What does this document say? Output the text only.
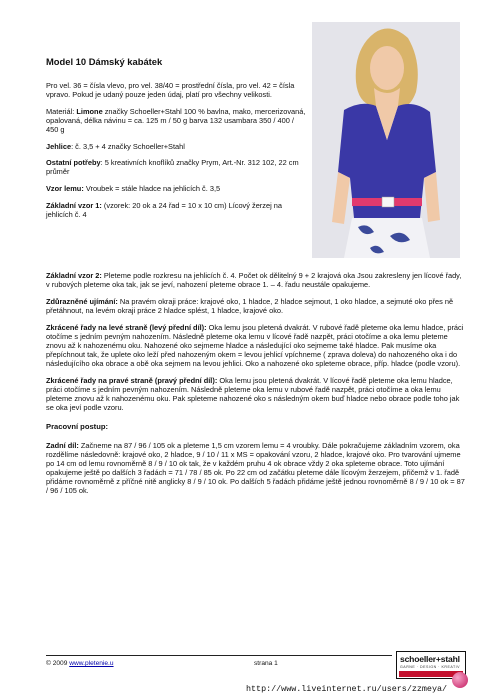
Model 10 Dámský kabátek

Pro vel. 36 = čísla vlevo, pro vel. 38/40 = prostřední čísla, pro vel. 42 = čísla vpravo. Pokud je udaný pouze jeden údaj, platí pro všechny velikosti.

Materiál: Limone značky Schoeller+Stahl 100 % bavlna, mako, mercerizovaná, opalovaná, délka návinu = ca. 125 m / 50 g barva 132 usambara 350 / 400 / 450 g

Jehlice: č. 3,5 + 4 značky Schoeller+Stahl

Ostatní potřeby: 5 kreativních knoflíků značky Prym, Art.-Nr. 312 102, 22 cm průměr

Vzor lemu: Vroubek = stále hladce na jehlicích č. 3,5

Základní vzor 1: (vzorek: 20 ok a 24 řad = 10 x 10 cm) Lícový žerzej na jehlicích č. 4

Základní vzor 2: Pleteme podle rozkresu na jehlicích č. 4. Počet ok dělitelný 9 + 2 krajová oka Jsou zakresleny jen lícové řady, v rubových pleteme oka tak, jak se jeví, nahození pleteme obrace 1. – 4. řadu neustále opakujeme.

Zdůrazněné ujímání: Na pravém okraji práce: krajové oko, 1 hladce, 2 hladce sejmout, 1 oko hladce, a sejmuté oko přes ně přetáhnout, na levém okraji práce 2 hladce splést, 1 hladce, krajové oko.

Zkrácené řady na levé straně (levý přední díl): Oka lemu jsou pletená dvakrát. V rubové řadě pleteme oka lemu hladce, práci otočíme s jedním pevným nahozením. Následně pleteme oka lemu v lícové řadě nazpět, práci otočíme a oka lemu pleteme znovu až k nahozenému oku. Nahozené oko sejmeme hladce a následující oko sejmeme také hladce. Pak musíme oka přepíchnout tak, že uplete oko leží před nahozeným okem = levou jehlicí vpíchneme ( zprava doleva) do nahozeného oka i do následujícího oka obrace a obě oka sejmem na levou jehlici. Oko a nahozené oko spleteme obrace, příp. hladce (podle vzoru).

Zkrácené řady na pravé straně (pravý přední díl): Oka lemu jsou pletená dvakrát. V lícové řadě pleteme oka lemu hladce, práci otočíme s jedním pevným nahozením. Následně pleteme oka lemu v rubové řadě nazpět, práci otočíme a oka lemu pleteme znovu až k nahozenému oku. Pak spleteme nahozené oko s následným okem buď hladce nebo obrace podle toho jak se oka jeví podle vzoru.

Pracovní postup:

Zadní díl: Začneme na 87 / 96 / 105 ok a pleteme 1,5 cm vzorem lemu = 4 vroubky. Dále pokračujeme základním vzorem, oka rozdělíme následovně: krajové oko, 2 hladce, 9 / 10 / 11 x MS = opakování vzoru, 2 hladce, krajové oko. Pro tvarování ujmeme po 14 cm od lemu rovnoměrně 8 / 9 / 10 ok tak, že v každém pruhu 4 ok obrace vždy 2 oka spleteme obrace. Toto ujímání opakujeme ještě po dalších 3 řadách = 71 / 78 / 85 ok. Po 22 cm od začátku pleteme dále lícovým žerzejem, přičemž v 1. řadě přidáme rovnoměrně z příčné nitě anglicky 8 / 9 / 10 ok. Po dalších 5 řadách přidáme ještě jednou rovnoměrně 8 / 9 / 10 ok = 87 / 96 / 105 ok.

© 2009 www.pletenie.u	strana 1	schoeller+stahl
GARNE · DESIGN · KREATIV
http://www.liveinternet.ru/users/zzmeya/
